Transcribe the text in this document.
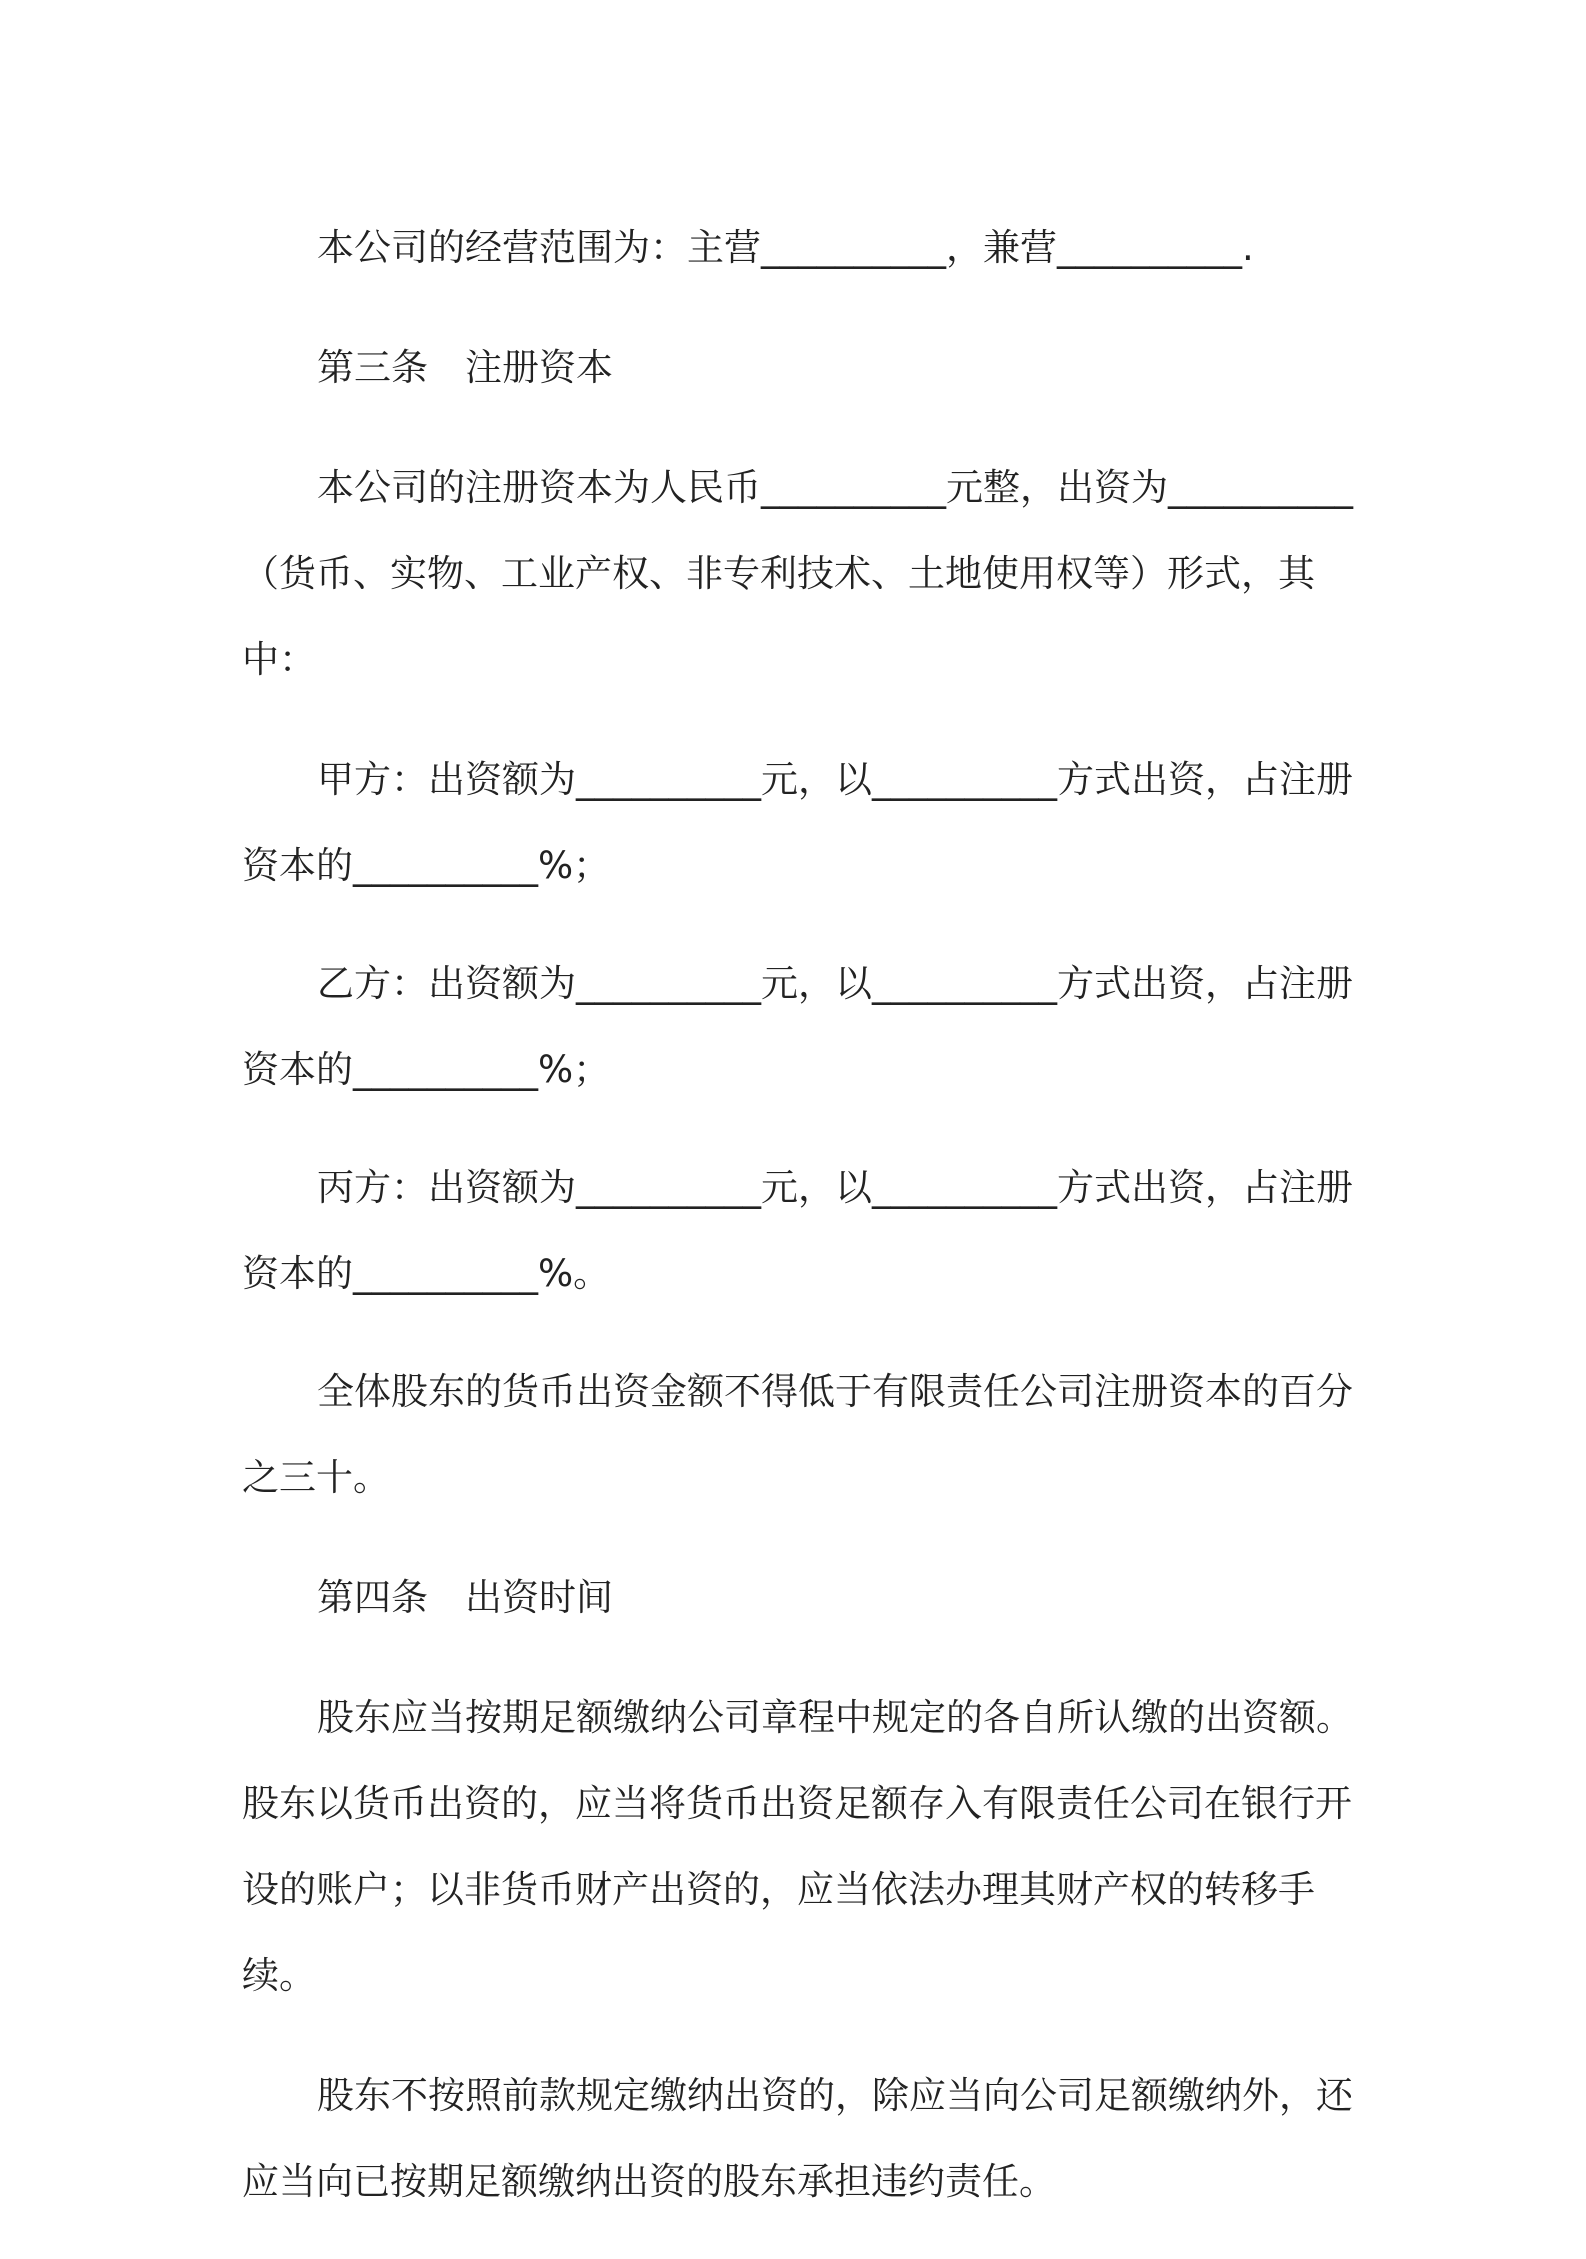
本公司的经营范围为：主营__________，兼营__________.

第三条　注册资本

本公司的注册资本为人民币__________元整，出资为__________（货币、实物、工业产权、非专利技术、土地使用权等）形式，其中：

甲方：出资额为__________元，以__________方式出资，占注册资本的__________%；

乙方：出资额为__________元，以__________方式出资，占注册资本的__________%；

丙方：出资额为__________元，以__________方式出资，占注册资本的__________%。

全体股东的货币出资金额不得低于有限责任公司注册资本的百分之三十。

第四条　出资时间

股东应当按期足额缴纳公司章程中规定的各自所认缴的出资额。股东以货币出资的，应当将货币出资足额存入有限责任公司在银行开设的账户；以非货币财产出资的，应当依法办理其财产权的转移手续。

股东不按照前款规定缴纳出资的，除应当向公司足额缴纳外，还应当向已按期足额缴纳出资的股东承担违约责任。
